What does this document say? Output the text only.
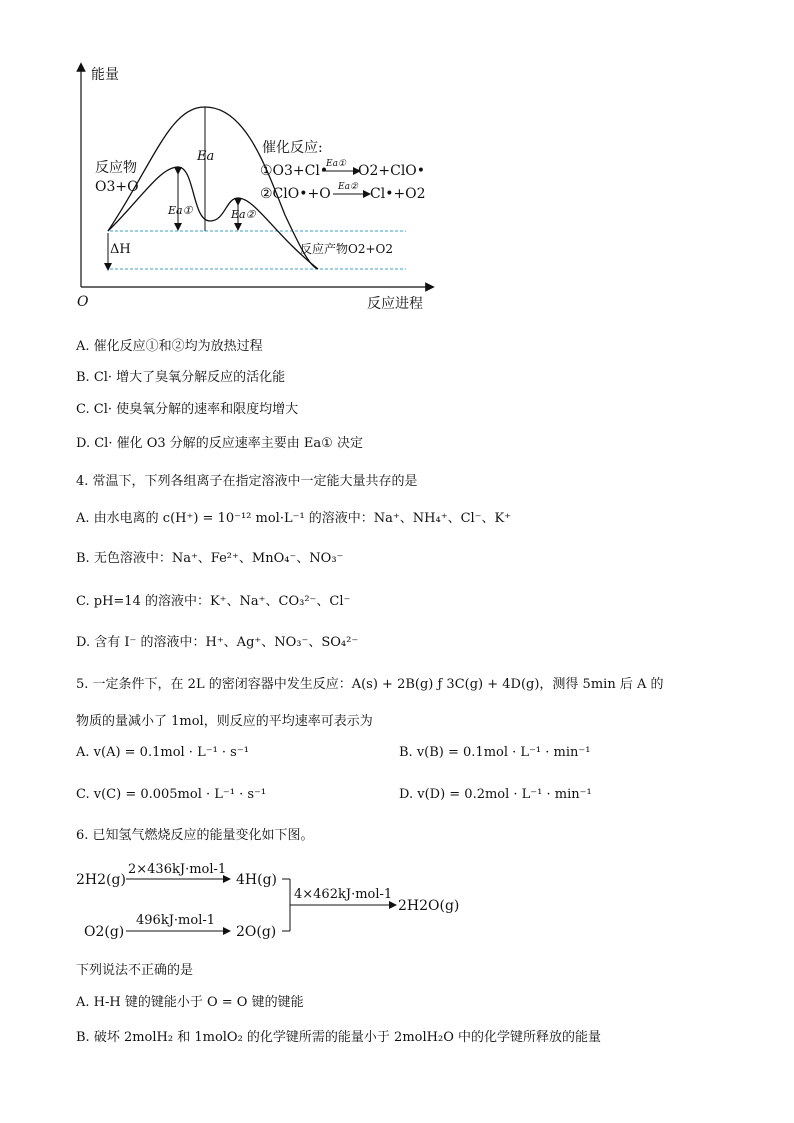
能量
O	反应进程
Ea
Ea①	Ea②
ΔH
反应物
O3+O
反应产物O2+O2
催化反应:
①O3+Cl•
Ea① O2+ClO•
②ClO•+O Ea② Cl•+O2
A. 催化反应①和②均为放热过程
B. Cl· 增大了臭氧分解反应的活化能
C. Cl· 使臭氧分解的速率和限度均增大
D. Cl· 催化 O3 分解的反应速率主要由 Ea① 决定
4. 常温下，下列各组离子在指定溶液中一定能大量共存的是
A. 由水电离的 c(H⁺) = 10⁻¹² mol·L⁻¹ 的溶液中：Na⁺、NH₄⁺、Cl⁻、K⁺
B. 无色溶液中：Na⁺、Fe²⁺、MnO₄⁻、NO₃⁻
C. pH=14 的溶液中：K⁺、Na⁺、CO₃²⁻、Cl⁻
D. 含有 I⁻ 的溶液中：H⁺、Ag⁺、NO₃⁻、SO₄²⁻
5. 一定条件下，在 2L 的密闭容器中发生反应：A(s) + 2B(g) ƒ 3C(g) + 4D(g)，测得 5min 后 A 的
物质的量减小了 1mol，则反应的平均速率可表示为
A. v(A) = 0.1mol · L⁻¹ · s⁻¹	B. v(B) = 0.1mol · L⁻¹ · min⁻¹
C. v(C) = 0.005mol · L⁻¹ · s⁻¹	D. v(D) = 0.2mol · L⁻¹ · min⁻¹
6. 已知氢气燃烧反应的能量变化如下图。
2H2(g)
2×436kJ·mol-1
4H(g)
O2(g)
496kJ·mol-1
2O(g)
4×462kJ·mol-1
2H2O(g)
下列说法不正确的是
A. H-H 键的键能小于 O = O 键的键能
B. 破坏 2molH₂ 和 1molO₂ 的化学键所需的能量小于 2molH₂O 中的化学键所释放的能量
